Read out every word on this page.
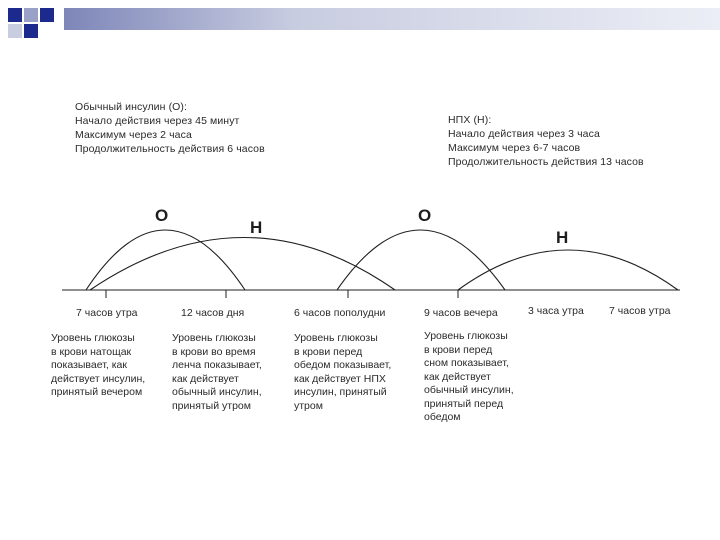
Обычный инсулин (О):
Начало действия через 45 минут
Максимум через 2 часа
Продолжительность действия 6 часов
НПХ (Н):
Начало действия через 3 часа
Максимум через 6-7 часов
Продолжительность действия 13 часов
О
Н
О
Н
7 часов утра	12 часов дня	6 часов пополудни	9 часов вечера	3 часа утра 7 часов утра
Уровень глюкозы
в крови натощак
показывает, как
действует инсулин,
принятый вечером
Уровень глюкозы
в крови во время
ленча показывает,
как действует
обычный инсулин,
принятый утром
Уровень глюкозы
в крови перед
обедом показывает,
как действует НПХ
инсулин, принятый
утром
Уровень глюкозы
в крови перед
сном показывает,
как действует
обычный инсулин,
принятый перед
обедом
